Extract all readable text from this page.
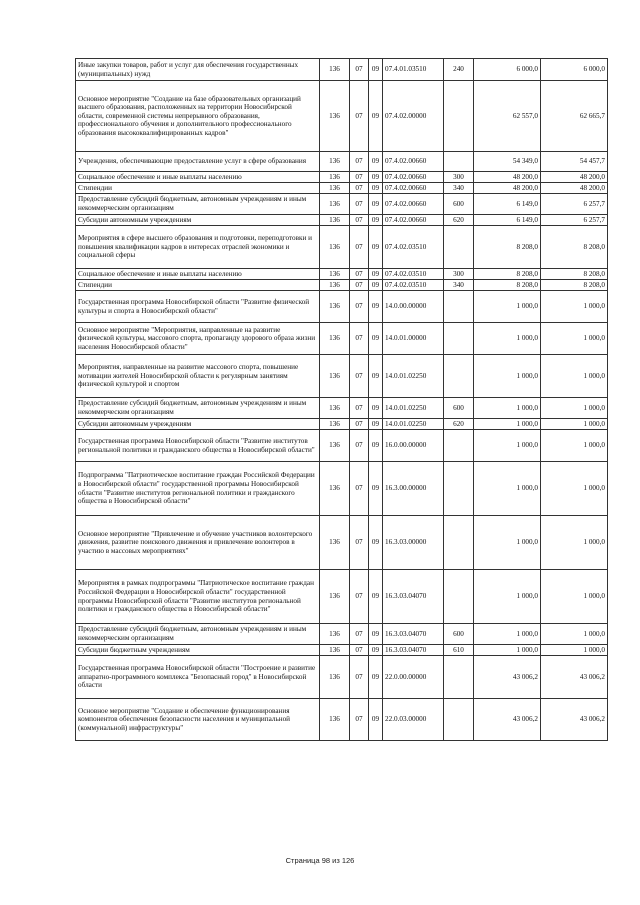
Иные закупки товаров, работ и услуг для обеспечения государственных (муниципальных) нужд	136	07	09	07.4.01.03510	240	6 000,0	6 000,0
Основное мероприятие "Создание на базе образовательных организаций высшего образования, расположенных на территории Новосибирской области, современной системы непрерывного образования, профессионального обучения и дополнительного профессионального образования высококвалифицированных кадров"	136	07	09	07.4.02.00000		62 557,0	62 665,7
Учреждения, обеспечивающие предоставление услуг в сфере образования	136	07	09	07.4.02.00660		54 349,0	54 457,7
Социальное обеспечение и иные выплаты населению	136	07	09	07.4.02.00660	300	48 200,0	48 200,0
Стипендии	136	07	09	07.4.02.00660	340	48 200,0	48 200,0
Предоставление субсидий бюджетным, автономным учреждениям и иным некоммерческим организациям	136	07	09	07.4.02.00660	600	6 149,0	6 257,7
Субсидии автономным учреждениям	136	07	09	07.4.02.00660	620	6 149,0	6 257,7
Мероприятия в сфере высшего образования и подготовки, переподготовки и повышения квалификации кадров в интересах отраслей экономики и социальной сферы	136	07	09	07.4.02.03510		8 208,0	8 208,0
Социальное обеспечение и иные выплаты населению	136	07	09	07.4.02.03510	300	8 208,0	8 208,0
Стипендии	136	07	09	07.4.02.03510	340	8 208,0	8 208,0
Государственная программа Новосибирской области "Развитие физической культуры и спорта в Новосибирской области"	136	07	09	14.0.00.00000		1 000,0	1 000,0
Основное мероприятие "Мероприятия, направленные на развитие физической культуры, массового спорта, пропаганду здорового образа жизни населения Новосибирской области"	136	07	09	14.0.01.00000		1 000,0	1 000,0
Мероприятия, направленные на развитие массового спорта, повышение мотивации жителей Новосибирской области к регулярным занятиям физической культурой и спортом	136	07	09	14.0.01.02250		1 000,0	1 000,0
Предоставление субсидий бюджетным, автономным учреждениям и иным некоммерческим организациям	136	07	09	14.0.01.02250	600	1 000,0	1 000,0
Субсидии автономным учреждениям	136	07	09	14.0.01.02250	620	1 000,0	1 000,0
Государственная программа Новосибирской области "Развитие институтов региональной политики и гражданского общества в Новосибирской области"	136	07	09	16.0.00.00000		1 000,0	1 000,0
Подпрограмма "Патриотическое воспитание граждан Российской Федерации в Новосибирской области" государственной программы Новосибирской области "Развитие институтов региональной политики и гражданского общества в Новосибирской области"	136	07	09	16.3.00.00000		1 000,0	1 000,0
Основное мероприятие "Привлечение и обучение участников волонтерского движения, развитие поискового движения и привлечение волонтеров в участию в массовых мероприятиях"	136	07	09	16.3.03.00000		1 000,0	1 000,0
Мероприятия в рамках подпрограммы "Патриотическое воспитание граждан Российской Федерации в Новосибирской области" государственной программы Новосибирской области "Развитие институтов региональной политики и гражданского общества в Новосибирской области"	136	07	09	16.3.03.04070		1 000,0	1 000,0
Предоставление субсидий бюджетным, автономным учреждениям и иным некоммерческим организациям	136	07	09	16.3.03.04070	600	1 000,0	1 000,0
Субсидии бюджетным учреждениям	136	07	09	16.3.03.04070	610	1 000,0	1 000,0
Государственная программа Новосибирской области "Построение и развитие аппаратно-программного комплекса "Безопасный город" в Новосибирской области	136	07	09	22.0.00.00000		43 006,2	43 006,2
Основное мероприятие "Создание и обеспечение функционирования компонентов обеспечения безопасности населения и муниципальной (коммунальной) инфраструктуры"	136	07	09	22.0.03.00000		43 006,2	43 006,2
Страница 98 из 126
